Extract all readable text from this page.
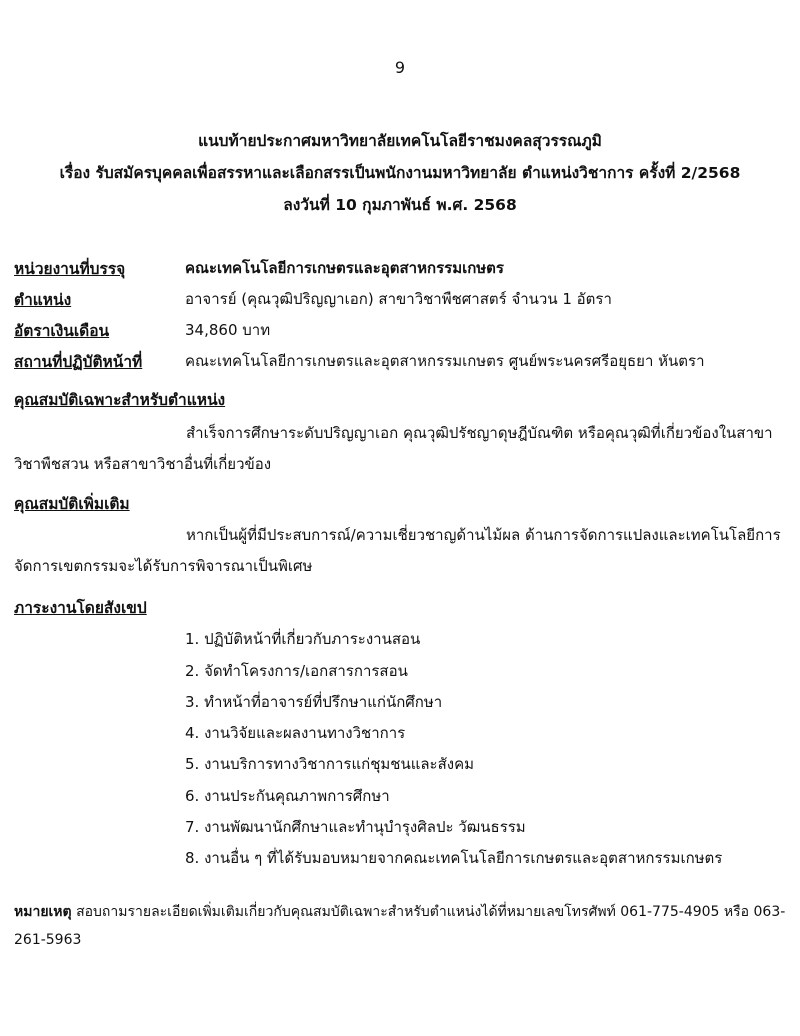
9
แนบท้ายประกาศมหาวิทยาลัยเทคโนโลยีราชมงคลสุวรรณภูมิ
เรื่อง รับสมัครบุคคลเพื่อสรรหาและเลือกสรรเป็นพนักงานมหาวิทยาลัย ตำแหน่งวิชาการ ครั้งที่ 2/2568
ลงวันที่ 10 กุมภาพันธ์ พ.ศ. 2568
หน่วยงานที่บรรจุ	คณะเทคโนโลยีการเกษตรและอุตสาหกรรมเกษตร
ตำแหน่ง	อาจารย์ (คุณวุฒิปริญญาเอก) สาขาวิชาพืชศาสตร์ จำนวน 1 อัตรา
อัตราเงินเดือน	34,860 บาท
สถานที่ปฏิบัติหน้าที่	คณะเทคโนโลยีการเกษตรและอุตสาหกรรมเกษตร ศูนย์พระนครศรีอยุธยา หันตรา
คุณสมบัติเฉพาะสำหรับตำแหน่ง
สำเร็จการศึกษาระดับปริญญาเอก คุณวุฒิปรัชญาดุษฎีบัณฑิต หรือคุณวุฒิที่เกี่ยวข้องในสาขาวิชาพืชสวน หรือสาขาวิชาอื่นที่เกี่ยวข้อง
คุณสมบัติเพิ่มเติม
หากเป็นผู้ที่มีประสบการณ์/ความเชี่ยวชาญด้านไม้ผล ด้านการจัดการแปลงและเทคโนโลยีการจัดการเขตกรรมจะได้รับการพิจารณาเป็นพิเศษ
ภาระงานโดยสังเขป
1. ปฏิบัติหน้าที่เกี่ยวกับภาระงานสอน
2. จัดทำโครงการ/เอกสารการสอน
3. ทำหน้าที่อาจารย์ที่ปรึกษาแก่นักศึกษา
4. งานวิจัยและผลงานทางวิชาการ
5. งานบริการทางวิชาการแก่ชุมชนและสังคม
6. งานประกันคุณภาพการศึกษา
7. งานพัฒนานักศึกษาและทำนุบำรุงศิลปะ วัฒนธรรม
8. งานอื่น ๆ ที่ได้รับมอบหมายจากคณะเทคโนโลยีการเกษตรและอุตสาหกรรมเกษตร
หมายเหตุ สอบถามรายละเอียดเพิ่มเติมเกี่ยวกับคุณสมบัติเฉพาะสำหรับตำแหน่งได้ที่หมายเลขโทรศัพท์ 061-775-4905 หรือ 063-261-5963
